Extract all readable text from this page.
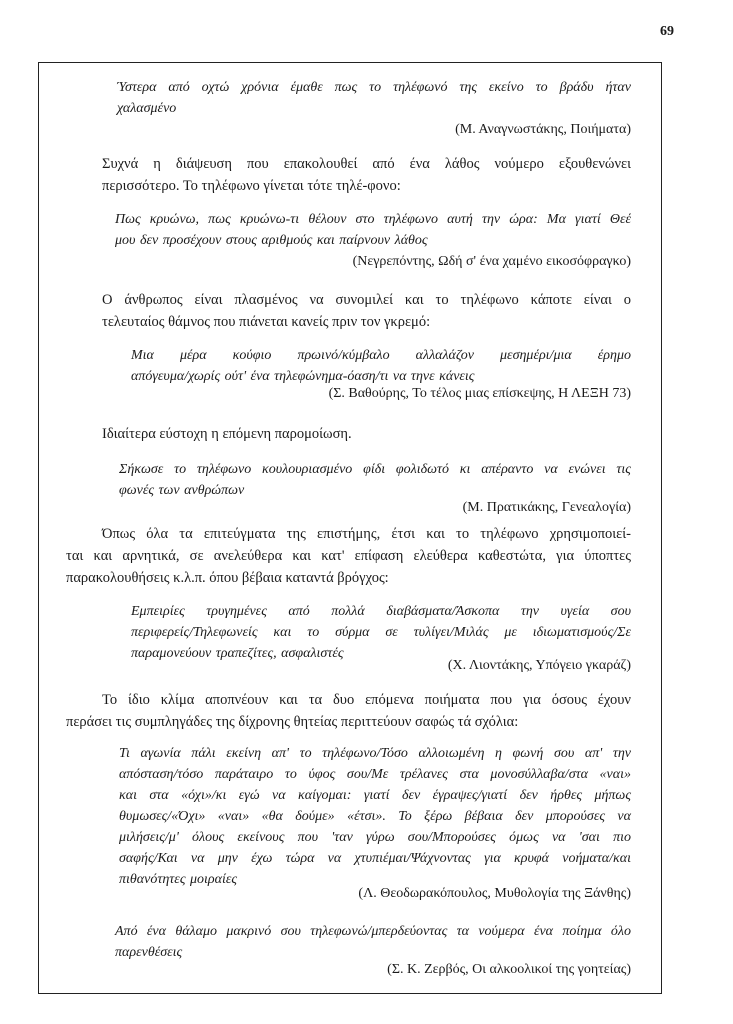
69
Ύστερα από οχτώ χρόνια έμαθε πως το τηλέφωνό της εκείνο το βράδυ ήταν
χαλασμένο
(Μ. Αναγνωστάκης, Ποιήματα)
Συχνά η διάψευση που επακολουθεί από ένα λάθος νούμερο εξουθενώνει
περισσότερο. Το τηλέφωνο γίνεται τότε τηλέ-φονο:
Πως κρυώνω, πως κρυώνω-τι θέλουν στο τηλέφωνο αυτή την ώρα: Μα γιατί Θεέ
μου δεν προσέχουν στους αριθμούς και παίρνουν λάθος
(Νεγρεπόντης, Ωδή σ' ένα χαμένο εικοσόφραγκο)
Ο άνθρωπος είναι πλασμένος να συνομιλεί και το τηλέφωνο κάποτε είναι ο
τελευταίος θάμνος που πιάνεται κανείς πριν τον γκρεμό:
Μια μέρα κούφιο πρωινό/κύμβαλο αλλαλάζον μεσημέρι/μια έρημο
απόγευμα/χωρίς ούτ' ένα τηλεφώνημα-όαση/τι να τηνε κάνεις
(Σ. Βαθούρης, Το τέλος μιας επίσκεψης, Η ΛΕΞΗ 73)
Ιδιαίτερα εύστοχη η επόμενη παρομοίωση.
Σήκωσε το τηλέφωνο κουλουριασμένο φίδι φολιδωτό κι απέραντο να ενώνει τις
φωνές των ανθρώπων
(Μ. Πρατικάκης, Γενεαλογία)
Όπως όλα τα επιτεύγματα της επιστήμης, έτσι και το τηλέφωνο χρησιμοποιεί-
ται και αρνητικά, σε ανελεύθερα και κατ' επίφαση ελεύθερα καθεστώτα, για ύποπτες
παρακολουθήσεις κ.λ.π. όπου βέβαια καταντά βρόγχος:
Εμπειρίες τρυγημένες από πολλά διαβάσματα/Άσκοπα την υγεία σου
περιφερείς/Τηλεφωνείς και το σύρμα σε τυλίγει/Μιλάς με ιδιωματισμούς/Σε
παραμονεύουν τραπεζίτες, ασφαλιστές
(Χ. Λιοντάκης, Υπόγειο γκαράζ)
Το ίδιο κλίμα αποπνέουν και τα δυο επόμενα ποιήματα που για όσους έχουν
περάσει τις συμπληγάδες της δίχρονης θητείας περιττεύουν σαφώς τά σχόλια:
Τι αγωνία πάλι εκείνη απ' το τηλέφωνο/Τόσο αλλοιωμένη η φωνή σου απ' την
απόσταση/τόσο παράταιρο το ύφος σου/Με τρέλανες στα μονοσύλλαβα/στα «ναι»
και στα «όχι»/κι εγώ να καίγομαι: γιατί δεν έγραψες/γιατί δεν ήρθες μήπως
θυμωσες/«Όχι» «ναι» «θα δούμε» «έτσι». Το ξέρω βέβαια δεν μπορούσες να
μιλήσεις/μ' όλους εκείνους που 'ταν γύρω σου/Μπορούσες όμως να 'σαι πιο
σαφής/Και να μην έχω τώρα να χτυπιέμαι/Ψάχνοντας για κρυφά νοήματα/και
πιθανότητες μοιραίες
(Λ. Θεοδωρακόπουλος, Μυθολογία της Ξάνθης)
Από ένα θάλαμο μακρινό σου τηλεφωνώ/μπερδεύοντας τα νούμερα ένα ποίημα όλο
παρενθέσεις
(Σ. Κ. Ζερβός, Οι αλκοολικοί της γοητείας)
